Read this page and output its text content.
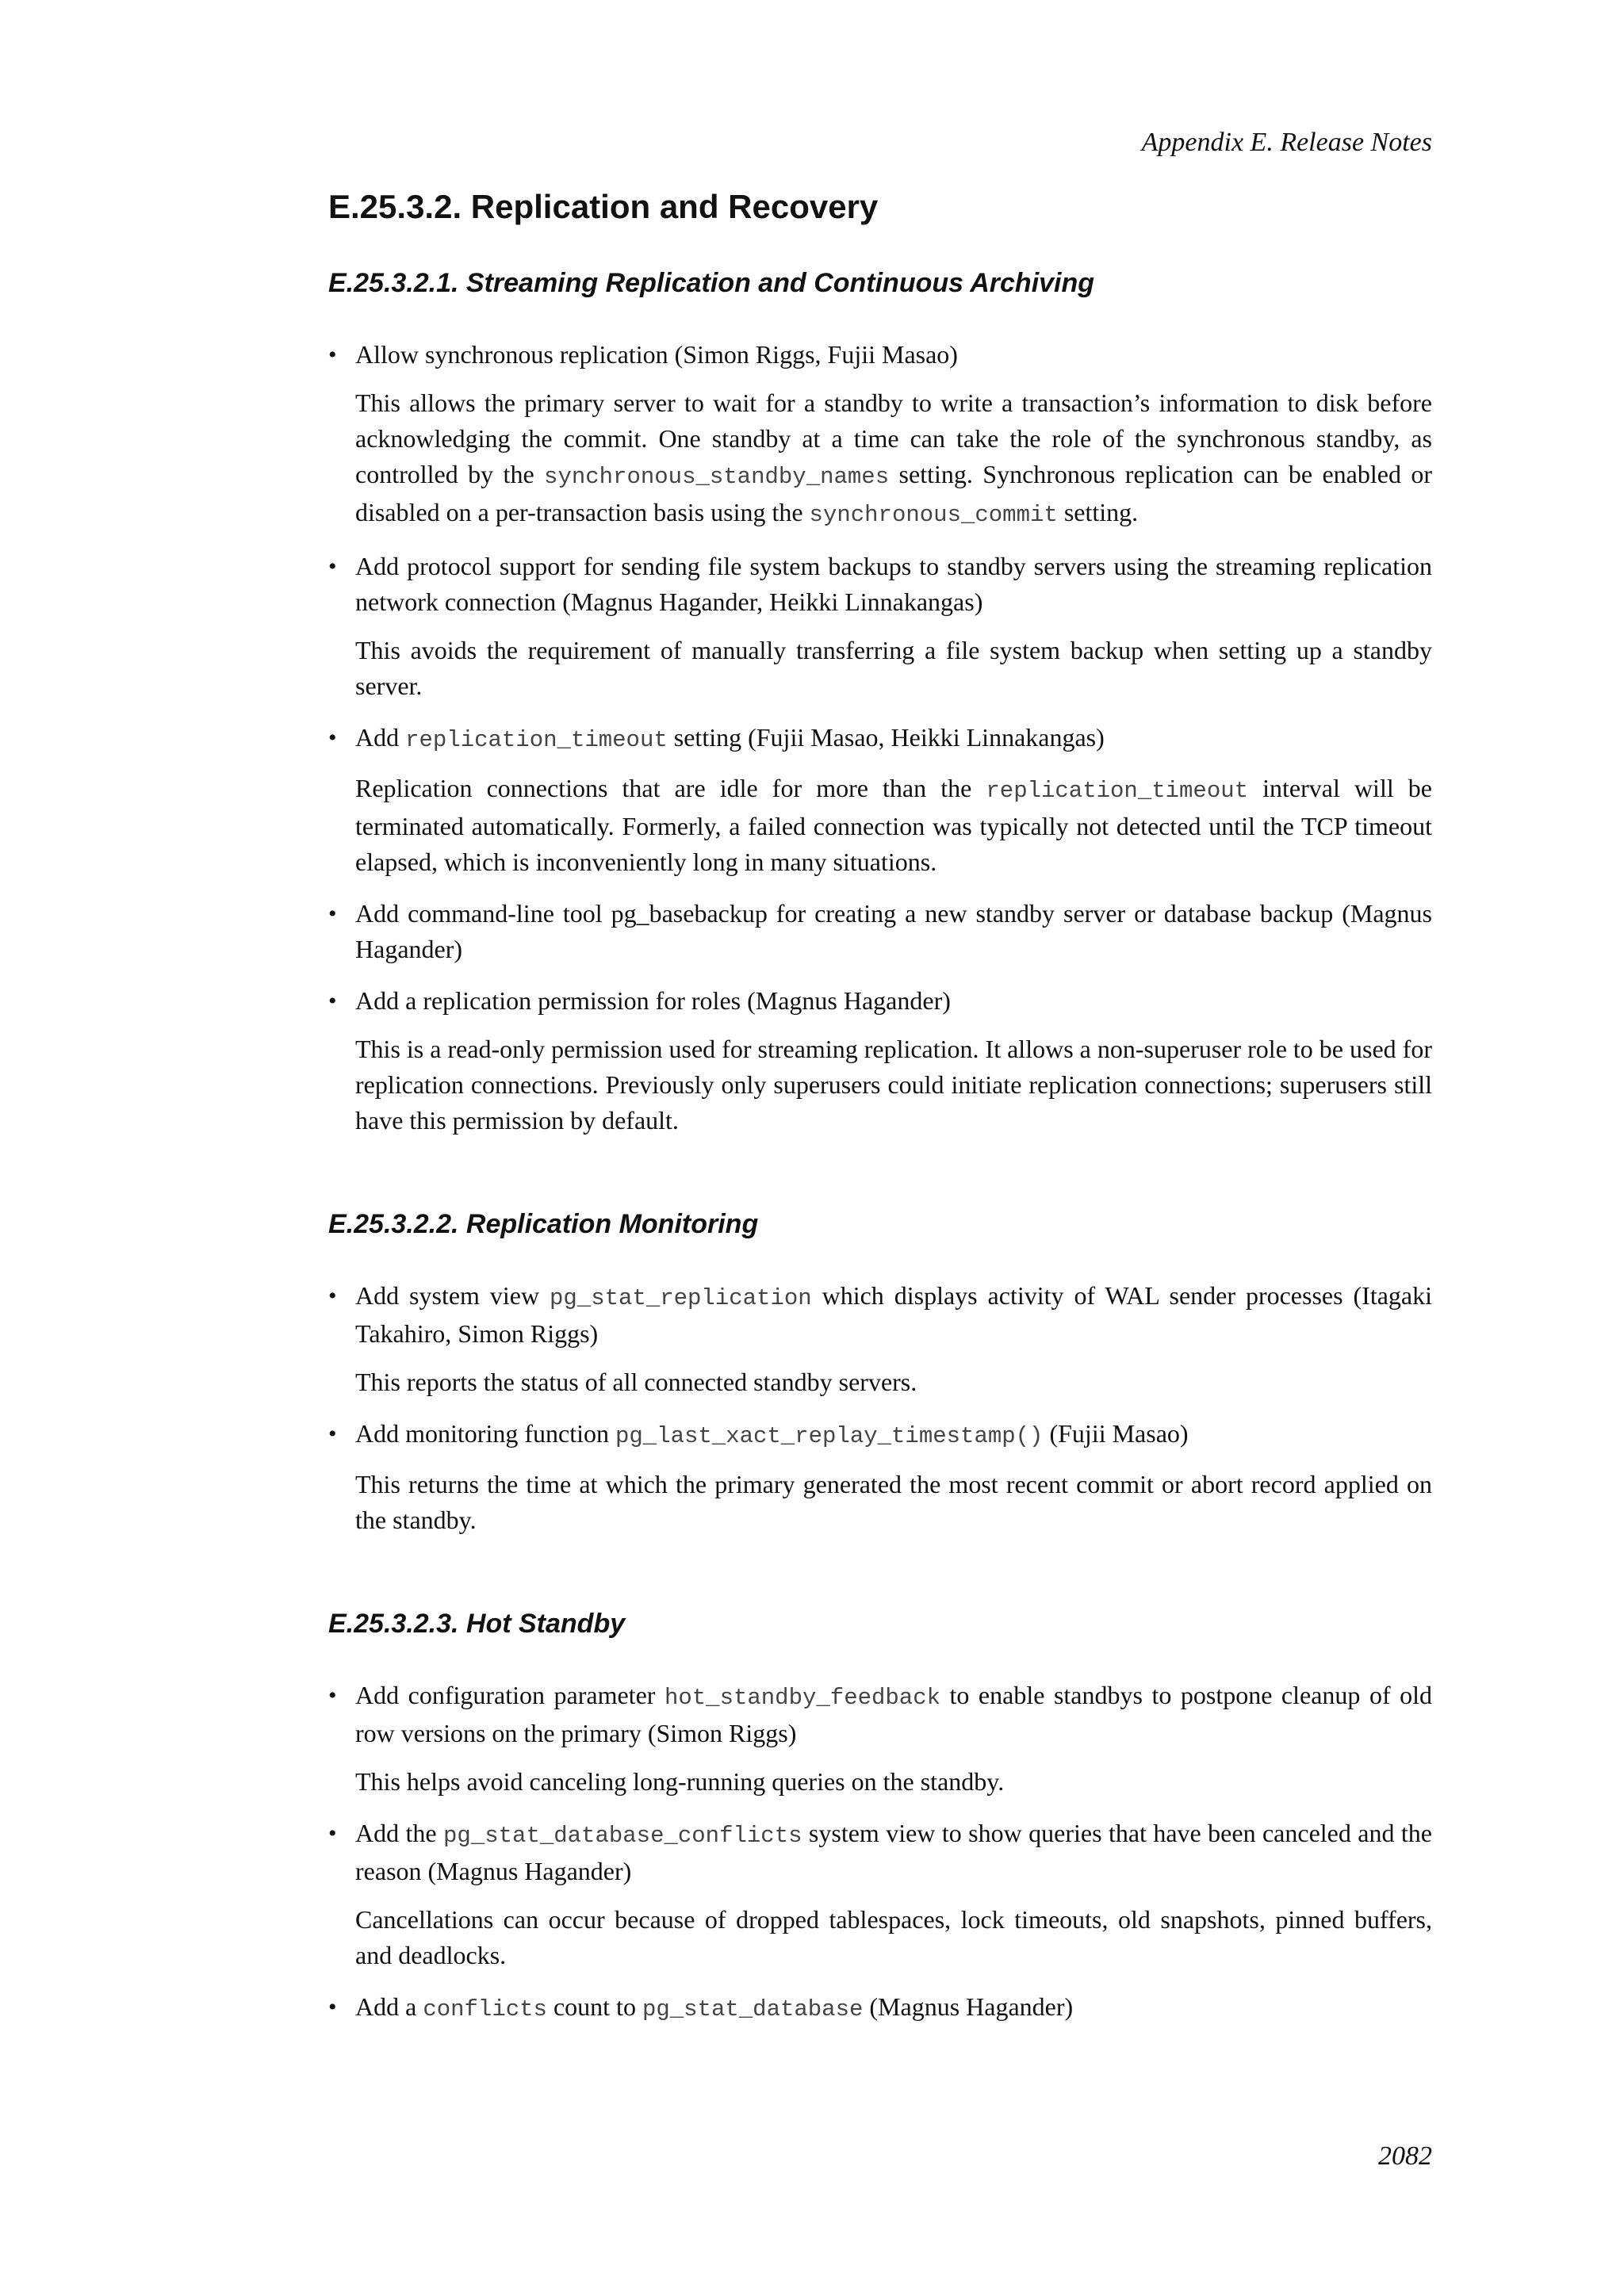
Appendix E. Release Notes
E.25.3.2. Replication and Recovery
E.25.3.2.1. Streaming Replication and Continuous Archiving

• Allow synchronous replication (Simon Riggs, Fujii Masao)

This allows the primary server to wait for a standby to write a transaction’s information to disk before acknowledging the commit. One standby at a time can take the role of the synchronous standby, as controlled by the synchronous_standby_names setting. Synchronous replication can be enabled or disabled on a per-transaction basis using the synchronous_commit setting.

• Add protocol support for sending file system backups to standby servers using the streaming replication network connection (Magnus Hagander, Heikki Linnakangas)

This avoids the requirement of manually transferring a file system backup when setting up a standby server.

• Add replication_timeout setting (Fujii Masao, Heikki Linnakangas)

Replication connections that are idle for more than the replication_timeout interval will be terminated automatically. Formerly, a failed connection was typically not detected until the TCP timeout elapsed, which is inconveniently long in many situations.

• Add command-line tool pg_basebackup for creating a new standby server or database backup (Magnus Hagander)

• Add a replication permission for roles (Magnus Hagander)

This is a read-only permission used for streaming replication. It allows a non-superuser role to be used for replication connections. Previously only superusers could initiate replication connections; superusers still have this permission by default.

E.25.3.2.2. Replication Monitoring

• Add system view pg_stat_replication which displays activity of WAL sender processes (Itagaki Takahiro, Simon Riggs)

This reports the status of all connected standby servers.

• Add monitoring function pg_last_xact_replay_timestamp() (Fujii Masao)

This returns the time at which the primary generated the most recent commit or abort record applied on the standby.

E.25.3.2.3. Hot Standby

• Add configuration parameter hot_standby_feedback to enable standbys to postpone cleanup of old row versions on the primary (Simon Riggs)

This helps avoid canceling long-running queries on the standby.

• Add the pg_stat_database_conflicts system view to show queries that have been canceled and the reason (Magnus Hagander)

Cancellations can occur because of dropped tablespaces, lock timeouts, old snapshots, pinned buffers, and deadlocks.

• Add a conflicts count to pg_stat_database (Magnus Hagander)

2082
